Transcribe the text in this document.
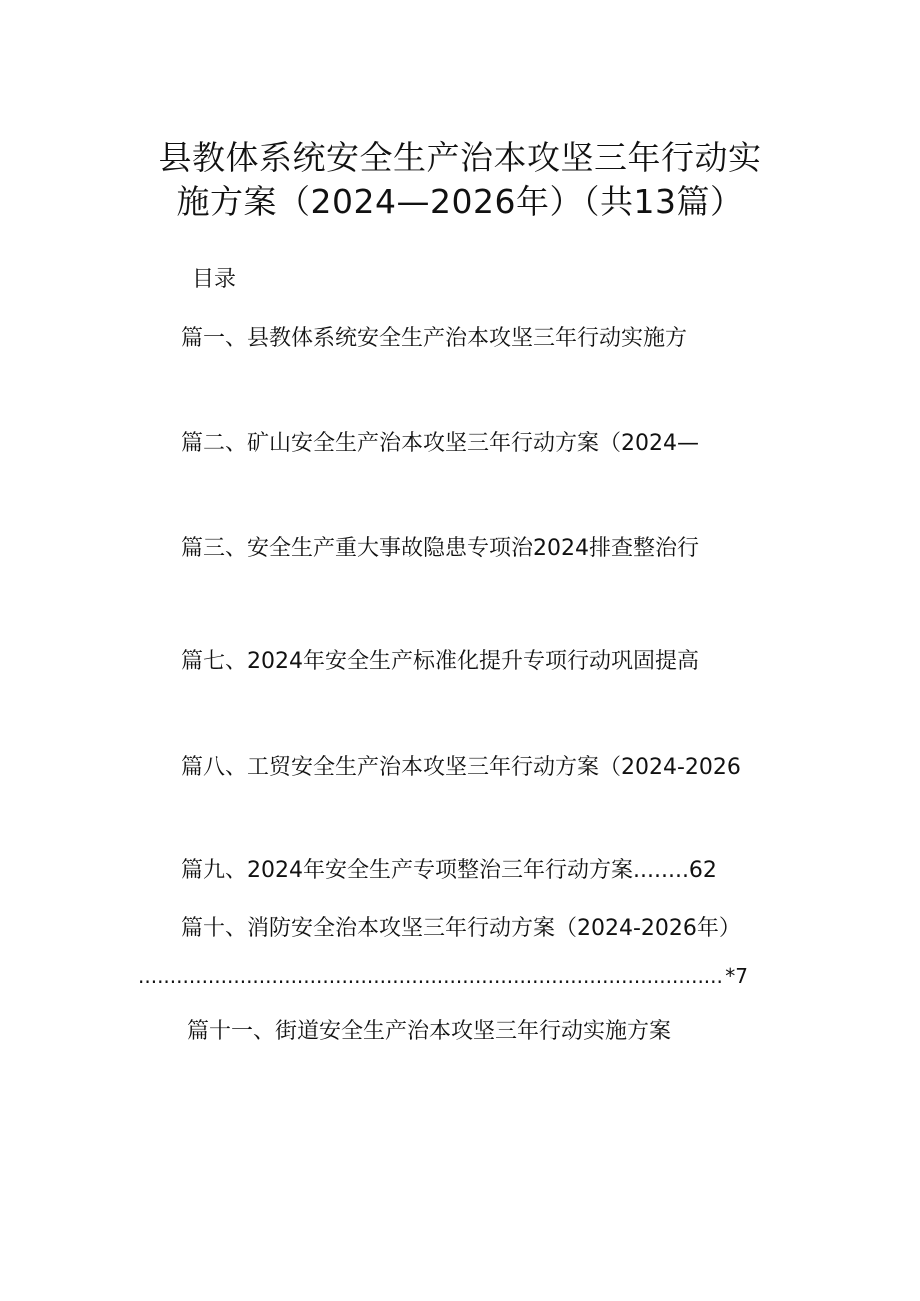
县教体系统安全生产治本攻坚三年行动实
施方案（2024—2026年）（共13篇）
目录
篇一、县教体系统安全生产治本攻坚三年行动实施方
篇二、矿山安全生产治本攻坚三年行动方案（2024—
篇三、安全生产重大事故隐患专项治2024排查整治行
篇七、2024年安全生产标准化提升专项行动巩固提高
篇八、工贸安全生产治本攻坚三年行动方案（2024-2026
篇九、2024年安全生产专项整治三年行动方案........62
篇十、消防安全治本攻坚三年行动方案（2024-2026年）
.....
*7
篇十一、街道安全生产治本攻坚三年行动实施方案
